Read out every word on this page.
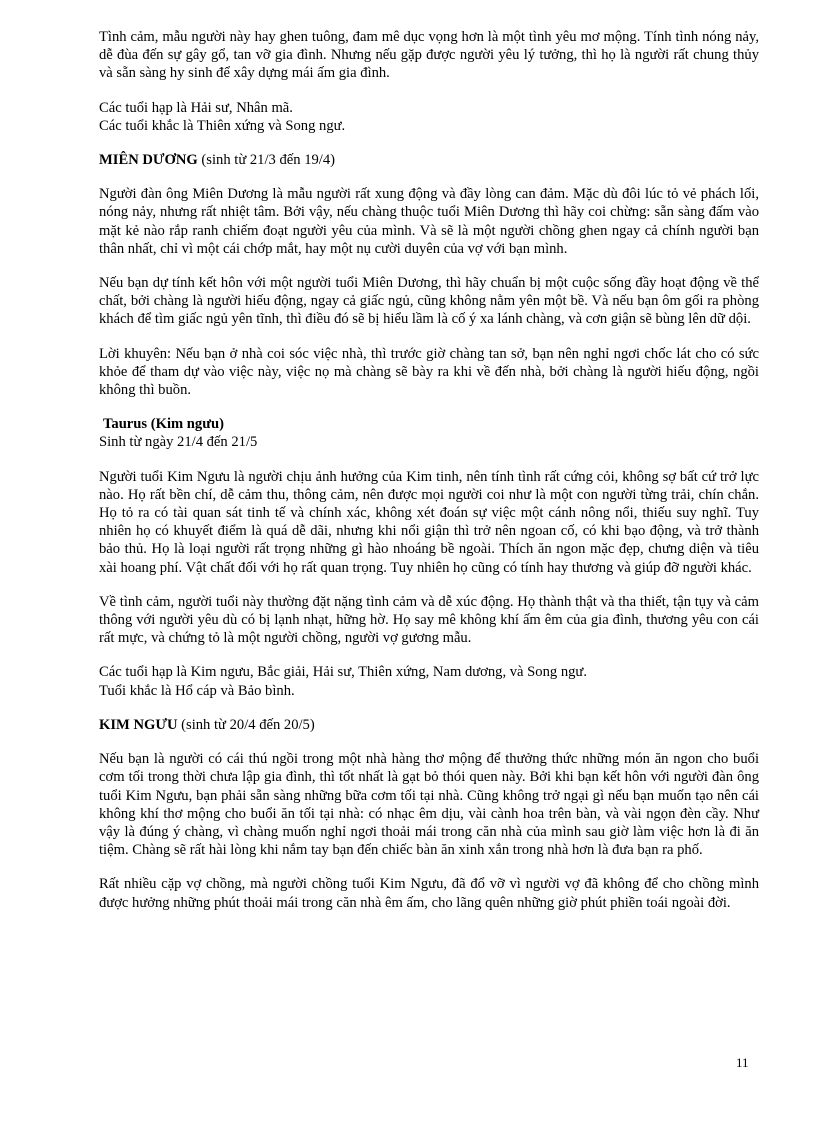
Tình cảm, mẫu người này hay ghen tuông, đam mê dục vọng hơn là một tình yêu mơ mộng. Tính tình nóng nảy, dễ đùa đến sự gây gổ, tan vỡ gia đình. Nhưng nếu gặp được người yêu lý tưởng, thì họ là người rất chung thủy và sẵn sàng hy sinh để xây dựng mái ấm gia đình.

Các tuổi hạp là Hải sư, Nhân mã.

Các tuổi khắc là Thiên xứng và Song ngư.

MIÊN DƯƠNG (sinh từ 21/3 đến 19/4)

Người đàn ông Miên Dương là mẫu người rất xung động và đầy lòng can đảm. Mặc dù đôi lúc tỏ vẻ phách lối, nóng nảy, nhưng rất nhiệt tâm. Bởi vậy, nếu chàng thuộc tuổi Miên Dương thì hãy coi chừng: sẵn sàng đấm vào mặt kẻ nào rắp ranh chiếm đoạt người yêu của mình. Và sẽ là một người chồng ghen ngay cả chính người bạn thân nhất, chỉ vì một cái chớp mắt, hay một nụ cười duyên của vợ với bạn mình.

Nếu bạn dự tính kết hôn với một người tuổi Miên Dương, thì hãy chuẩn bị một cuộc sống đầy hoạt động về thể chất, bởi chàng là người hiếu động, ngay cả giấc ngủ, cũng không nằm yên một bề. Và nếu bạn ôm gối ra phòng khách để tìm giấc ngủ yên tĩnh, thì điều đó sẽ bị hiểu lầm là cố ý xa lánh chàng, và cơn giận sẽ bùng lên dữ dội.

Lời khuyên: Nếu bạn ở nhà coi sóc việc nhà, thì trước giờ chàng tan sở, bạn nên nghỉ ngơi chốc lát cho có sức khỏe để tham dự vào việc này, việc nọ mà chàng sẽ bày ra khi về đến nhà, bởi chàng là người hiếu động, ngồi không thì buồn.

Taurus (Kim ngưu)

Sinh từ ngày 21/4 đến 21/5

Người tuổi Kim Ngưu là người chịu ảnh hưởng của Kim tinh, nên tính tình rất cứng cỏi, không sợ bất cứ trở lực nào. Họ rất bền chí, dễ cảm thu, thông cảm, nên được mọi người coi như là một con người từng trải, chín chắn. Họ tỏ ra có tài quan sát tinh tế và chính xác, không xét đoán sự việc một cánh nông nổi, thiếu suy nghĩ. Tuy nhiên họ có khuyết điểm là quá dễ dãi, nhưng khi nổi giận thì trở nên ngoan cố, có khi bạo động, và trở thành bảo thủ. Họ là loại người rất trọng những gì hào nhoáng bề ngoài. Thích ăn ngon mặc đẹp, chưng diện và tiêu xài hoang phí. Vật chất đối với họ rất quan trọng. Tuy nhiên họ cũng có tính hay thương và giúp đỡ người khác.

Về tình cảm, người tuổi này thường đặt nặng tình cảm và dễ xúc động. Họ thành thật và tha thiết, tận tụy và cảm thông với người yêu dù có bị lạnh nhạt, hững hờ. Họ say mê không khí ấm êm của gia đình, thương yêu con cái rất mực, và chứng tỏ là một người chồng, người vợ gương mẫu.

Các tuổi hạp là Kim ngưu, Bắc giải, Hải sư, Thiên xứng, Nam dương, và Song ngư.

Tuổi khắc là Hổ cáp và Bảo bình.

KIM NGƯU (sinh từ 20/4 đến 20/5)

Nếu bạn là người có cái thú ngồi trong một nhà hàng thơ mộng để thưởng thức những món ăn ngon cho buổi cơm tối trong thời chưa lập gia đình, thì tốt nhất là gạt bỏ thói quen này. Bởi khi bạn kết hôn với người đàn ông tuổi Kim Ngưu, bạn phải sẵn sàng những bữa cơm tối tại nhà. Cũng không trở ngại gì nếu bạn muốn tạo nên cái không khí thơ mộng cho buổi ăn tối tại nhà: có nhạc êm dịu, vài cành hoa trên bàn, và vài ngọn đèn cầy. Như vậy là đúng ý chàng, vì chàng muốn nghỉ ngơi thoải mái trong căn nhà của mình sau giờ làm việc hơn là đi ăn tiệm. Chàng sẽ rất hài lòng khi nắm tay bạn đến chiếc bàn ăn xinh xắn trong nhà hơn là đưa bạn ra phố.

Rất nhiều cặp vợ chồng, mà người chồng tuổi Kim Ngưu, đã đổ vỡ vì người vợ đã không để cho chồng mình được hưởng những phút thoải mái trong căn nhà êm ấm, cho lãng quên những giờ phút phiền toái ngoài đời.

11
